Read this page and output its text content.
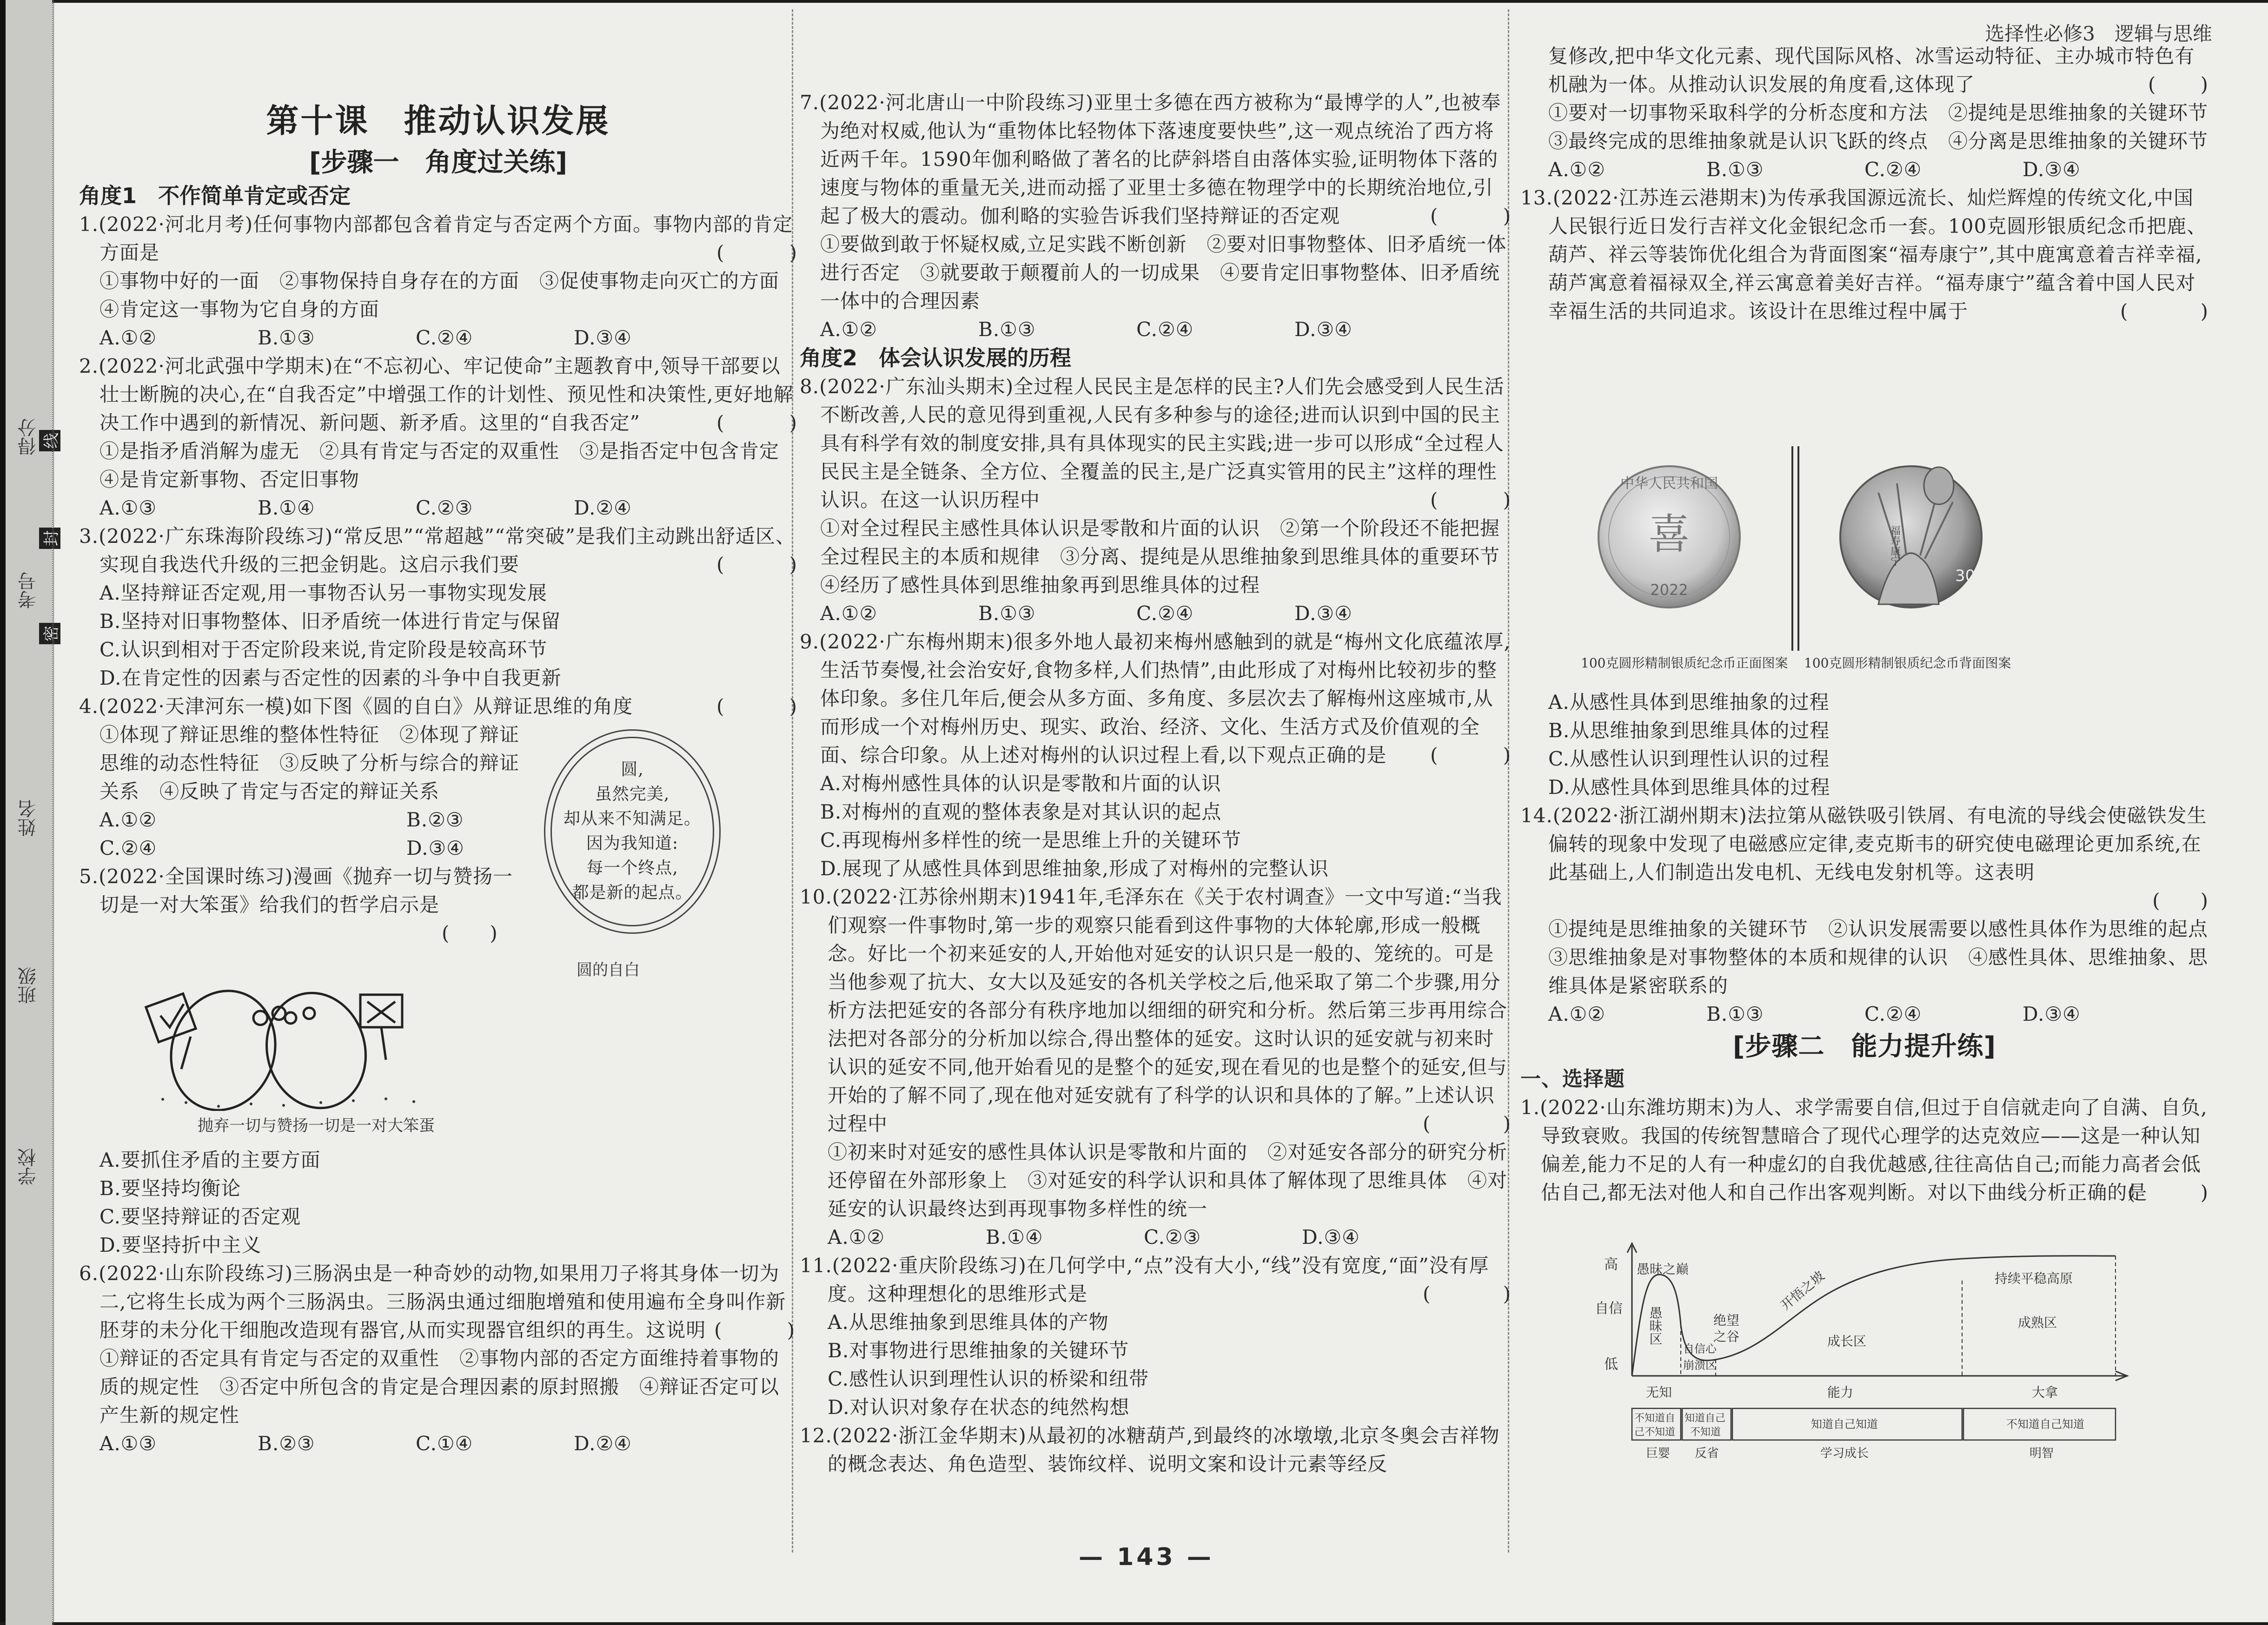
得分
考号
姓名
班级
学校
线
封
密
选择性必修3　逻辑与思维
第十课　推动认识发展
[步骤一　角度过关练]
角度1　不作简单肯定或否定
1.(2022·河北月考)任何事物内部都包含着肯定与否定两个方面。事物内部的肯定方面是	(　　)
①事物中好的一面　②事物保持自身存在的方面　③促使事物走向灭亡的方面　④肯定这一事物为它自身的方面
A.①②	B.①③	C.②④	D.③④
2.(2022·河北武强中学期末)在“不忘初心、牢记使命”主题教育中,领导干部要以壮士断腕的决心,在“自我否定”中增强工作的计划性、预见性和决策性,更好地解决工作中遇到的新情况、新问题、新矛盾。这里的“自我否定”	(　　)
①是指矛盾消解为虚无　②具有肯定与否定的双重性　③是指否定中包含肯定　④是肯定新事物、否定旧事物
A.①③	B.①④	C.②③	D.②④
3.(2022·广东珠海阶段练习)“常反思”“常超越”“常突破”是我们主动跳出舒适区、实现自我迭代升级的三把金钥匙。这启示我们要	(　　)
A.坚持辩证否定观,用一事物否认另一事物实现发展
B.坚持对旧事物整体、旧矛盾统一体进行肯定与保留
C.认识到相对于否定阶段来说,肯定阶段是较高环节
D.在肯定性的因素与否定性的因素的斗争中自我更新
4.(2022·天津河东一模)如下图《圆的自白》从辩证思维的角度	(　　)
①体现了辩证思维的整体性特征　②体现了辩证思维的动态性特征　③反映了分析与综合的辩证关系　④反映了肯定与否定的辩证关系
A.①②	B.②③
C.②④	D.③④
圆,
虽然完美,
却从来不知满足。
因为我知道:
每一个终点,
都是新的起点。
5.(2022·全国课时练习)漫画《抛弃一切与赞扬一切是一对大笨蛋》给我们的哲学启示是
(　　)
圆的自白
抛弃一切与赞扬一切是一对大笨蛋
A.要抓住矛盾的主要方面
B.要坚持均衡论
C.要坚持辩证的否定观
D.要坚持折中主义
6.(2022·山东阶段练习)三肠涡虫是一种奇妙的动物,如果用刀子将其身体一切为二,它将生长成为两个三肠涡虫。三肠涡虫通过细胞增殖和使用遍布全身叫作新胚芽的未分化干细胞改造现有器官,从而实现器官组织的再生。这说明 (　　)
①辩证的否定具有肯定与否定的双重性　②事物内部的否定方面维持着事物的质的规定性　③否定中所包含的肯定是合理因素的原封照搬　④辩证否定可以产生新的规定性
A.①③	B.②③	C.①④	D.②④
7.(2022·河北唐山一中阶段练习)亚里士多德在西方被称为“最博学的人”,也被奉为绝对权威,他认为“重物体比轻物体下落速度要快些”,这一观点统治了西方将近两千年。1590年伽利略做了著名的比萨斜塔自由落体实验,证明物体下落的速度与物体的重量无关,进而动摇了亚里士多德在物理学中的长期统治地位,引起了极大的震动。伽利略的实验告诉我们坚持辩证的否定观	(　　)
①要做到敢于怀疑权威,立足实践不断创新　②要对旧事物整体、旧矛盾统一体进行否定　③就要敢于颠覆前人的一切成果　④要肯定旧事物整体、旧矛盾统一体中的合理因素
A.①②	B.①③	C.②④	D.③④
角度2　体会认识发展的历程
8.(2022·广东汕头期末)全过程人民民主是怎样的民主?人们先会感受到人民生活不断改善,人民的意见得到重视,人民有多种参与的途径;进而认识到中国的民主具有科学有效的制度安排,具有具体现实的民主实践;进一步可以形成“全过程人民民主是全链条、全方位、全覆盖的民主,是广泛真实管用的民主”这样的理性认识。在这一认识历程中	(　　)
①对全过程民主感性具体认识是零散和片面的认识　②第一个阶段还不能把握全过程民主的本质和规律　③分离、提纯是从思维抽象到思维具体的重要环节　④经历了感性具体到思维抽象再到思维具体的过程
A.①②	B.①③	C.②④	D.③④
9.(2022·广东梅州期末)很多外地人最初来梅州感触到的就是“梅州文化底蕴浓厚,生活节奏慢,社会治安好,食物多样,人们热情”,由此形成了对梅州比较初步的整体印象。多住几年后,便会从多方面、多角度、多层次去了解梅州这座城市,从而形成一个对梅州历史、现实、政治、经济、文化、生活方式及价值观的全面、综合印象。从上述对梅州的认识过程上看,以下观点正确的是 (　　)
A.对梅州感性具体的认识是零散和片面的认识
B.对梅州的直观的整体表象是对其认识的起点
C.再现梅州多样性的统一是思维上升的关键环节
D.展现了从感性具体到思维抽象,形成了对梅州的完整认识
10.(2022·江苏徐州期末)1941年,毛泽东在《关于农村调查》一文中写道:“当我们观察一件事物时,第一步的观察只能看到这件事物的大体轮廓,形成一般概念。好比一个初来延安的人,开始他对延安的认识只是一般的、笼统的。可是当他参观了抗大、女大以及延安的各机关学校之后,他采取了第二个步骤,用分析方法把延安的各部分有秩序地加以细细的研究和分析。然后第三步再用综合法把对各部分的分析加以综合,得出整体的延安。这时认识的延安就与初来时认识的延安不同,他开始看见的是整个的延安,现在看见的也是整个的延安,但与开始的了解不同了,现在他对延安就有了科学的认识和具体的了解。”上述认识过程中	(　　)
①初来时对延安的感性具体认识是零散和片面的　②对延安各部分的研究分析还停留在外部形象上　③对延安的科学认识和具体了解体现了思维具体　④对延安的认识最终达到再现事物多样性的统一
A.①②	B.①④	C.②③	D.③④
11.(2022·重庆阶段练习)在几何学中,“点”没有大小,“线”没有宽度,“面”没有厚度。这种理想化的思维形式是	(　　)
A.从思维抽象到思维具体的产物
B.对事物进行思维抽象的关键环节
C.感性认识到理性认识的桥梁和纽带
D.对认识对象存在状态的纯然构想
12.(2022·浙江金华期末)从最初的冰糖葫芦,到最终的冰墩墩,北京冬奥会吉祥物的概念表达、角色造型、装饰纹样、说明文案和设计元素等经反
— 143 —
复修改,把中华文化元素、现代国际风格、冰雪运动特征、主办城市特色有机融为一体。从推动认识发展的角度看,这体现了	(　　)
①要对一切事物采取科学的分析态度和方法　②提纯是思维抽象的关键环节　③最终完成的思维抽象就是认识飞跃的终点　④分离是思维抽象的关键环节
A.①②	B.①③	C.②④	D.③④
13.(2022·江苏连云港期末)为传承我国源远流长、灿烂辉煌的传统文化,中国人民银行近日发行吉祥文化金银纪念币一套。100克圆形银质纪念币把鹿、葫芦、祥云等装饰优化组合为背面图案“福寿康宁”,其中鹿寓意着吉祥幸福,葫芦寓意着福禄双全,祥云寓意着美好吉祥。“福寿康宁”蕴含着中国人民对幸福生活的共同追求。该设计在思维过程中属于	(　　)
中华人民共和国
喜
2022
福寿康宁
30元
100克圆形精制银质纪念币正面图案 100克圆形精制银质纪念币背面图案
A.从感性具体到思维抽象的过程
B.从思维抽象到思维具体的过程
C.从感性认识到理性认识的过程
D.从感性具体到思维具体的过程
14.(2022·浙江湖州期末)法拉第从磁铁吸引铁屑、有电流的导线会使磁铁发生偏转的现象中发现了电磁感应定律,麦克斯韦的研究使电磁理论更加系统,在此基础上,人们制造出发电机、无线电发射机等。这表明
(　　)
①提纯是思维抽象的关键环节　②认识发展需要以感性具体作为思维的起点　③思维抽象是对事物整体的本质和规律的认识　④感性具体、思维抽象、思维具体是紧密联系的
A.①②	B.①③	C.②④	D.③④
[步骤二　能力提升练]
一、选择题
1.(2022·山东潍坊期末)为人、求学需要自信,但过于自信就走向了自满、自负,导致衰败。我国的传统智慧暗合了现代心理学的达克效应——这是一种认知偏差,能力不足的人有一种虚幻的自我优越感,往往高估自己;而能力高者会低估自己,都无法对他人和自己作出客观判断。对以下曲线分析正确的是
(　　)
高
自信
低
愚昧之巅
愚昧区
自信心
崩溃区
绝望
之谷
开悟之坡
成长区
持续平稳高原
成熟区
无知	能力	大拿
不知道自
己不知道
知道自己
不知道
知道自己知道	不知道自己知道
巨婴 反省	学习成长	明智
